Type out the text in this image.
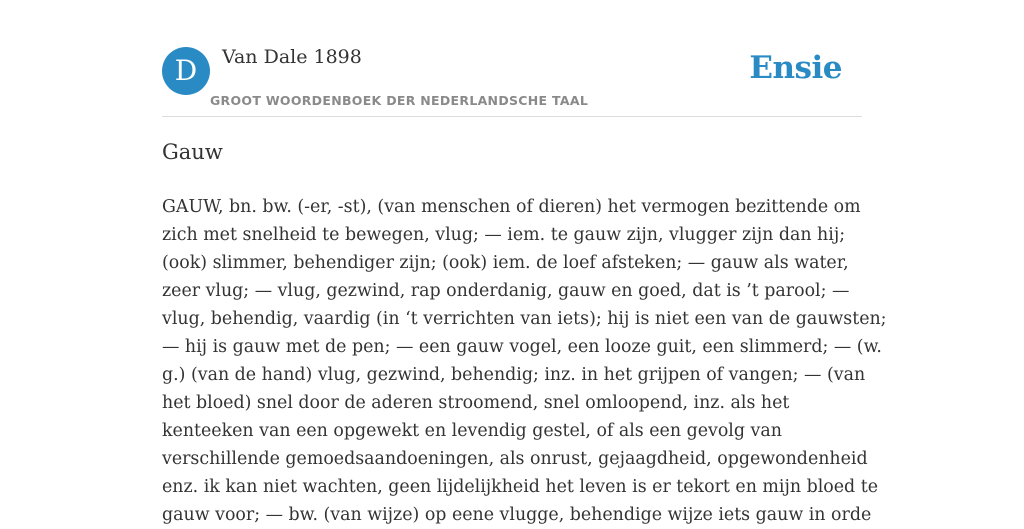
D	Van Dale 1898
GROOT WOORDENBOEK DER NEDERLANDSCHE TAAL
Ensie
Gauw
GAUW, bn. bw. (-er, -st), (van menschen of dieren) het vermogen bezittende om
zich met snelheid te bewegen, vlug; — iem. te gauw zijn, vlugger zijn dan hij;
(ook) slimmer, behendiger zijn; (ook) iem. de loef afsteken; — gauw als water,
zeer vlug; — vlug, gezwind, rap onderdanig, gauw en goed, dat is ’t parool; —
vlug, behendig, vaardig (in ‘t verrichten van iets); hij is niet een van de gauwsten;
— hij is gauw met de pen; — een gauw vogel, een looze guit, een slimmerd; — (w.
g.) (van de hand) vlug, gezwind, behendig; inz. in het grijpen of vangen; — (van
het bloed) snel door de aderen stroomend, snel omloopend, inz. als het
kenteeken van een opgewekt en levendig gestel, of als een gevolg van
verschillende gemoedsaandoeningen, als onrust, gejaagdheid, opgewondenheid
enz. ik kan niet wachten, geen lijdelijkheid het leven is er tekort en mijn bloed te
gauw voor; — bw. (van wijze) op eene vlugge, behendige wijze iets gauw in orde
